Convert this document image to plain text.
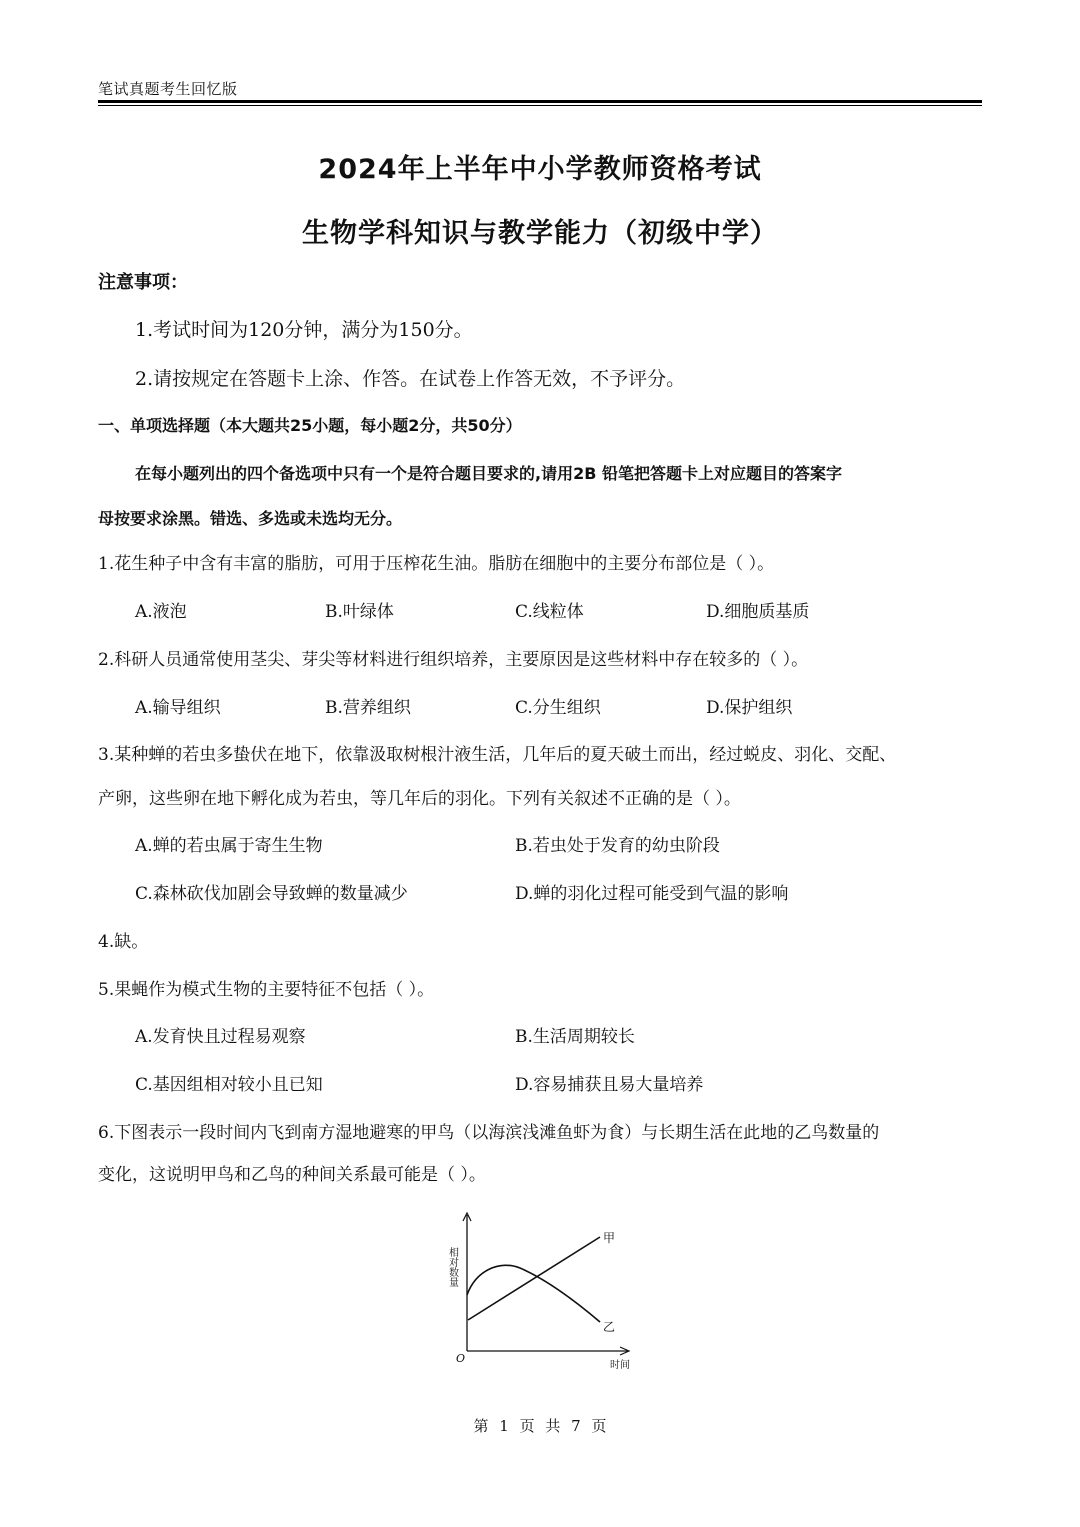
笔试真题考生回忆版
2024年上半年中小学教师资格考试
生物学科知识与教学能力（初级中学）
注意事项：
1.考试时间为120分钟，满分为150分。
2.请按规定在答题卡上涂、作答。在试卷上作答无效，不予评分。
一、单项选择题（本大题共25小题，每小题2分，共50分）
在每小题列出的四个备选项中只有一个是符合题目要求的,请用2B 铅笔把答题卡上对应题目的答案字
母按要求涂黑。错选、多选或未选均无分。
1.花生种子中含有丰富的脂肪，可用于压榨花生油。脂肪在细胞中的主要分布部位是（ ）。
A.液泡	B.叶绿体	C.线粒体	D.细胞质基质
2.科研人员通常使用茎尖、芽尖等材料进行组织培养，主要原因是这些材料中存在较多的（ ）。
A.输导组织	B.营养组织	C.分生组织	D.保护组织
3.某种蝉的若虫多蛰伏在地下，依靠汲取树根汁液生活，几年后的夏天破土而出，经过蜕皮、羽化、交配、
产卵，这些卵在地下孵化成为若虫，等几年后的羽化。下列有关叙述不正确的是（ ）。
A.蝉的若虫属于寄生生物	B.若虫处于发育的幼虫阶段
C.森林砍伐加剧会导致蝉的数量减少	D.蝉的羽化过程可能受到气温的影响
4.缺。
5.果蝇作为模式生物的主要特征不包括（ ）。
A.发育快且过程易观察	B.生活周期较长
C.基因组相对较小且已知	D.容易捕获且易大量培养
6.下图表示一段时间内飞到南方湿地避寒的甲鸟（以海滨浅滩鱼虾为食）与长期生活在此地的乙鸟数量的
变化，这说明甲鸟和乙鸟的种间关系最可能是（ ）。
相对数量
时间
O
甲
乙
第 1 页 共 7 页
